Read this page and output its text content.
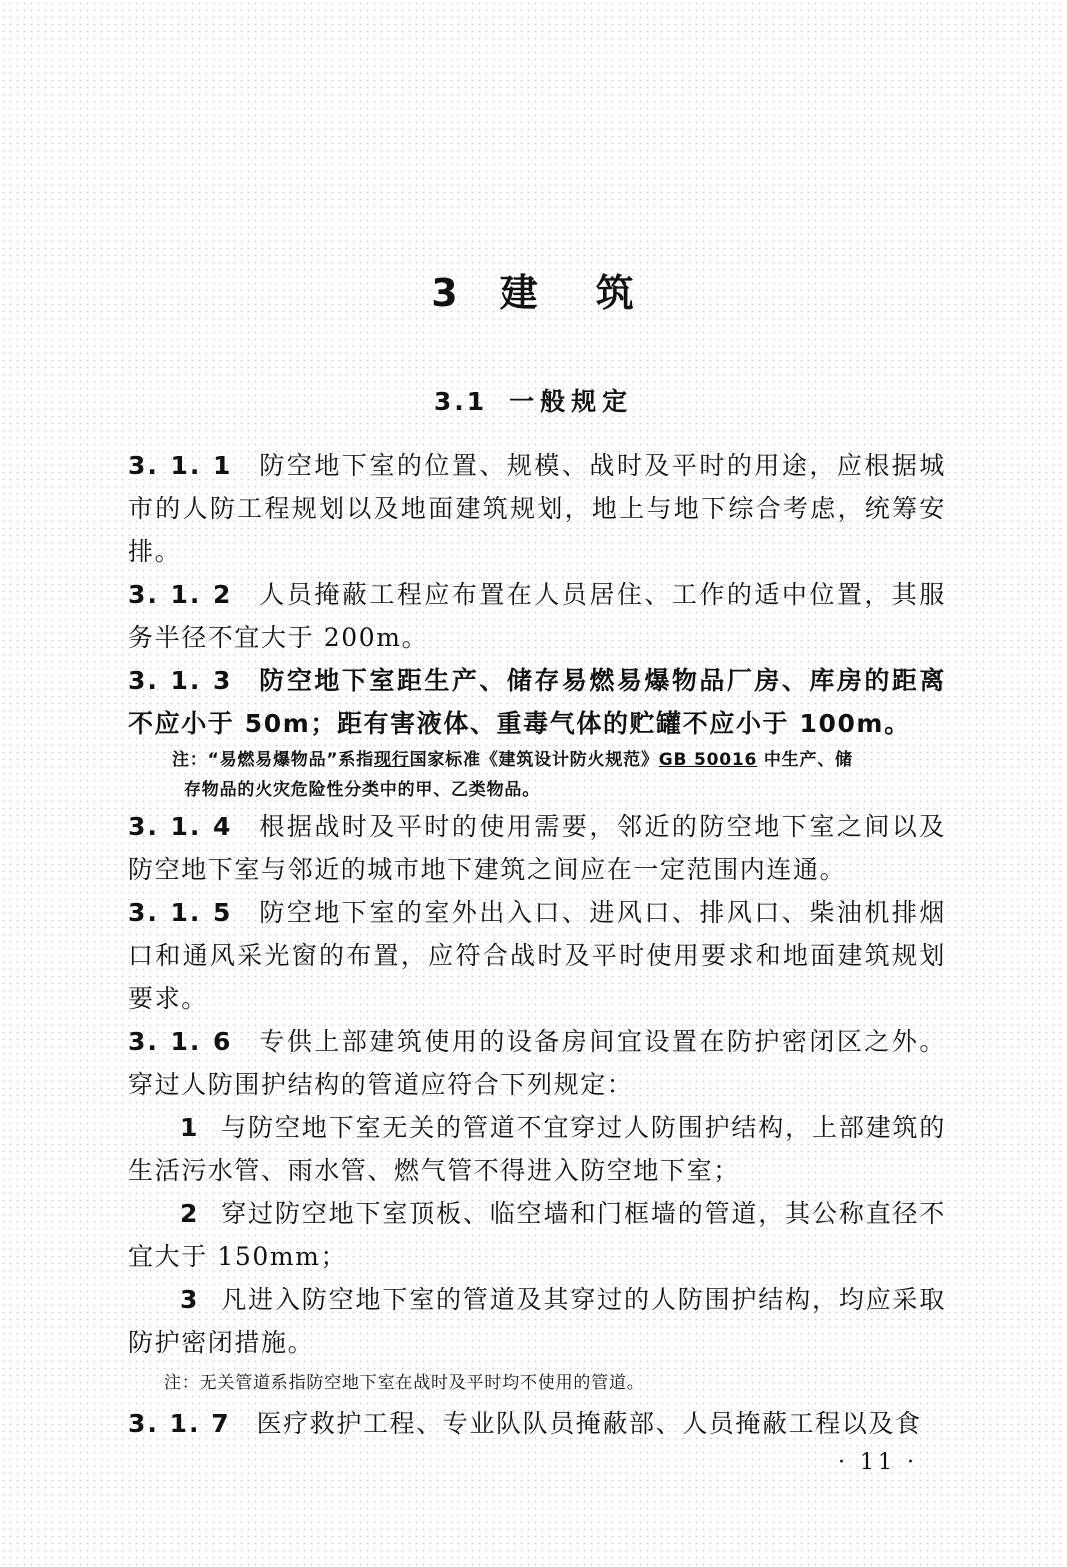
3 建 筑
3.1 一般规定

3. 1. 1 防空地下室的位置、规模、战时及平时的用途，应根据城市的人防工程规划以及地面建筑规划，地上与地下综合考虑，统筹安排。

3. 1. 2 人员掩蔽工程应布置在人员居住、工作的适中位置，其服务半径不宜大于 200m。

3. 1. 3 防空地下室距生产、储存易燃易爆物品厂房、库房的距离不应小于 50m；距有害液体、重毒气体的贮罐不应小于 100m。

注：“易燃易爆物品”系指现行国家标准《建筑设计防火规范》GB 50016 中生产、储
存物品的火灾危险性分类中的甲、乙类物品。

3. 1. 4 根据战时及平时的使用需要，邻近的防空地下室之间以及防空地下室与邻近的城市地下建筑之间应在一定范围内连通。

3. 1. 5 防空地下室的室外出入口、进风口、排风口、柴油机排烟口和通风采光窗的布置，应符合战时及平时使用要求和地面建筑规划要求。

3. 1. 6 专供上部建筑使用的设备房间宜设置在防护密闭区之外。穿过人防围护结构的管道应符合下列规定：

1 与防空地下室无关的管道不宜穿过人防围护结构，上部建筑的生活污水管、雨水管、燃气管不得进入防空地下室；

2 穿过防空地下室顶板、临空墙和门框墙的管道，其公称直径不宜大于 150mm；

3 凡进入防空地下室的管道及其穿过的人防围护结构，均应采取防护密闭措施。

注：无关管道系指防空地下室在战时及平时均不使用的管道。

3. 1. 7 医疗救护工程、专业队队员掩蔽部、人员掩蔽工程以及食

· 11 ·
